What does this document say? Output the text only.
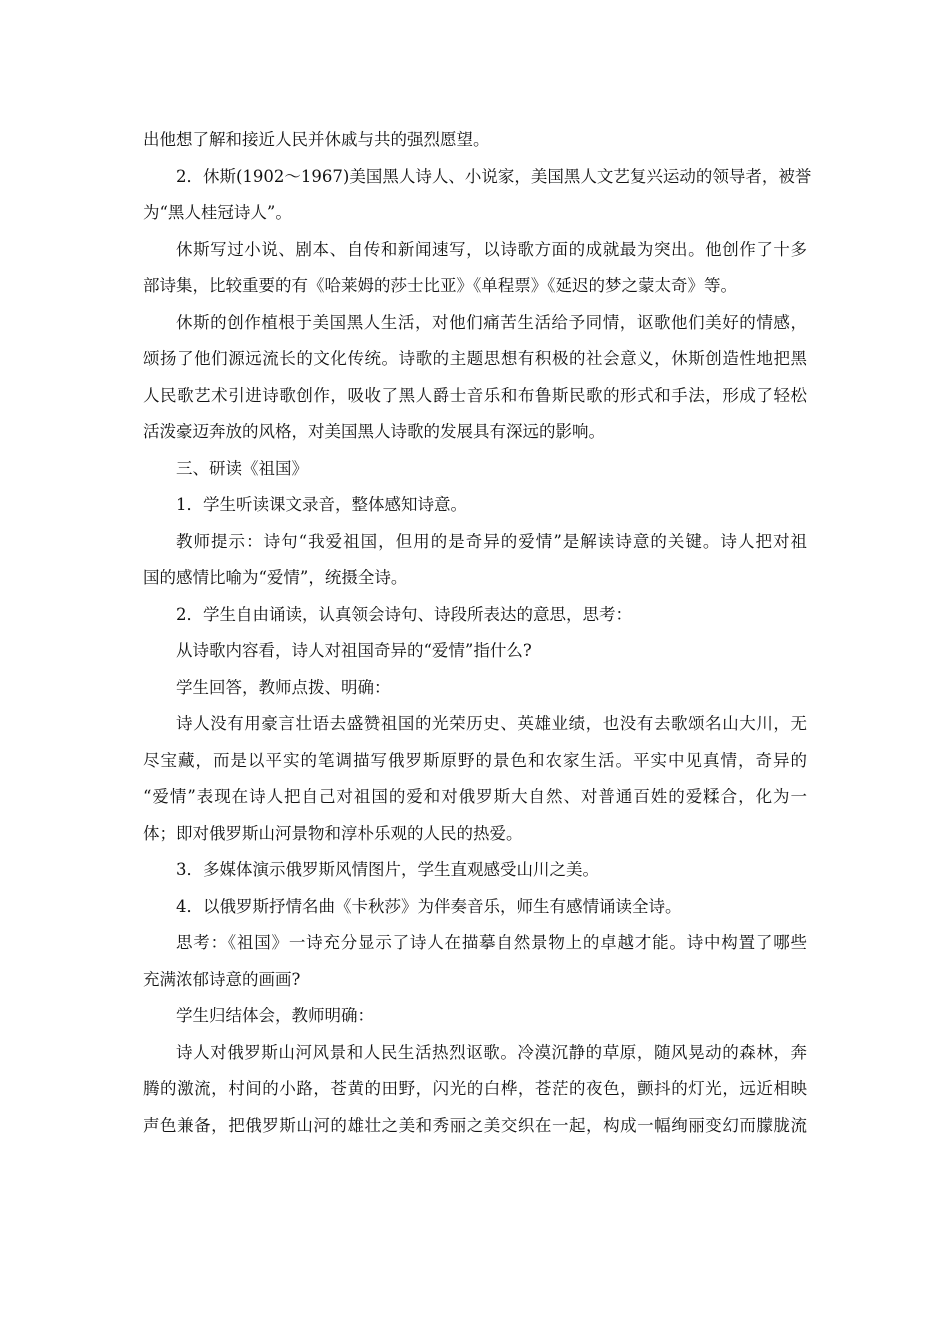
出他想了解和接近人民并休戚与共的强烈愿望。
2．休斯(1902～1967)美国黑人诗人、小说家，美国黑人文艺复兴运动的领导者，被誉
为“黑人桂冠诗人”。
休斯写过小说、剧本、自传和新闻速写，以诗歌方面的成就最为突出。他创作了十多
部诗集，比较重要的有《哈莱姆的莎士比亚》《单程票》《延迟的梦之蒙太奇》等。
休斯的创作植根于美国黑人生活，对他们痛苦生活给予同情，讴歌他们美好的情感，
颂扬了他们源远流长的文化传统。诗歌的主题思想有积极的社会意义，休斯创造性地把黑
人民歌艺术引进诗歌创作，吸收了黑人爵士音乐和布鲁斯民歌的形式和手法，形成了轻松
活泼豪迈奔放的风格，对美国黑人诗歌的发展具有深远的影响。
三、研读《祖国》
1．学生听读课文录音，整体感知诗意。
教师提示：诗句“我爱祖国，但用的是奇异的爱情”是解读诗意的关键。诗人把对祖
国的感情比喻为“爱情”，统摄全诗。
2．学生自由诵读，认真领会诗句、诗段所表达的意思，思考：
从诗歌内容看，诗人对祖国奇异的“爱情”指什么?
学生回答，教师点拨、明确：
诗人没有用豪言壮语去盛赞祖国的光荣历史、英雄业绩，也没有去歌颂名山大川，无
尽宝藏，而是以平实的笔调描写俄罗斯原野的景色和农家生活。平实中见真情，奇异的
“爱情”表现在诗人把自己对祖国的爱和对俄罗斯大自然、对普通百姓的爱糅合，化为一
体；即对俄罗斯山河景物和淳朴乐观的人民的热爱。
3．多媒体演示俄罗斯风情图片，学生直观感受山川之美。
4．以俄罗斯抒情名曲《卡秋莎》为伴奏音乐，师生有感情诵读全诗。
思考：《祖国》一诗充分显示了诗人在描摹自然景物上的卓越才能。诗中构置了哪些
充满浓郁诗意的画画?
学生归结体会，教师明确：
诗人对俄罗斯山河风景和人民生活热烈讴歌。冷漠沉静的草原，随风晃动的森林，奔
腾的激流，村间的小路，苍黄的田野，闪光的白桦，苍茫的夜色，颤抖的灯光，远近相映
声色兼备，把俄罗斯山河的雄壮之美和秀丽之美交织在一起，构成一幅绚丽变幻而朦胧流
